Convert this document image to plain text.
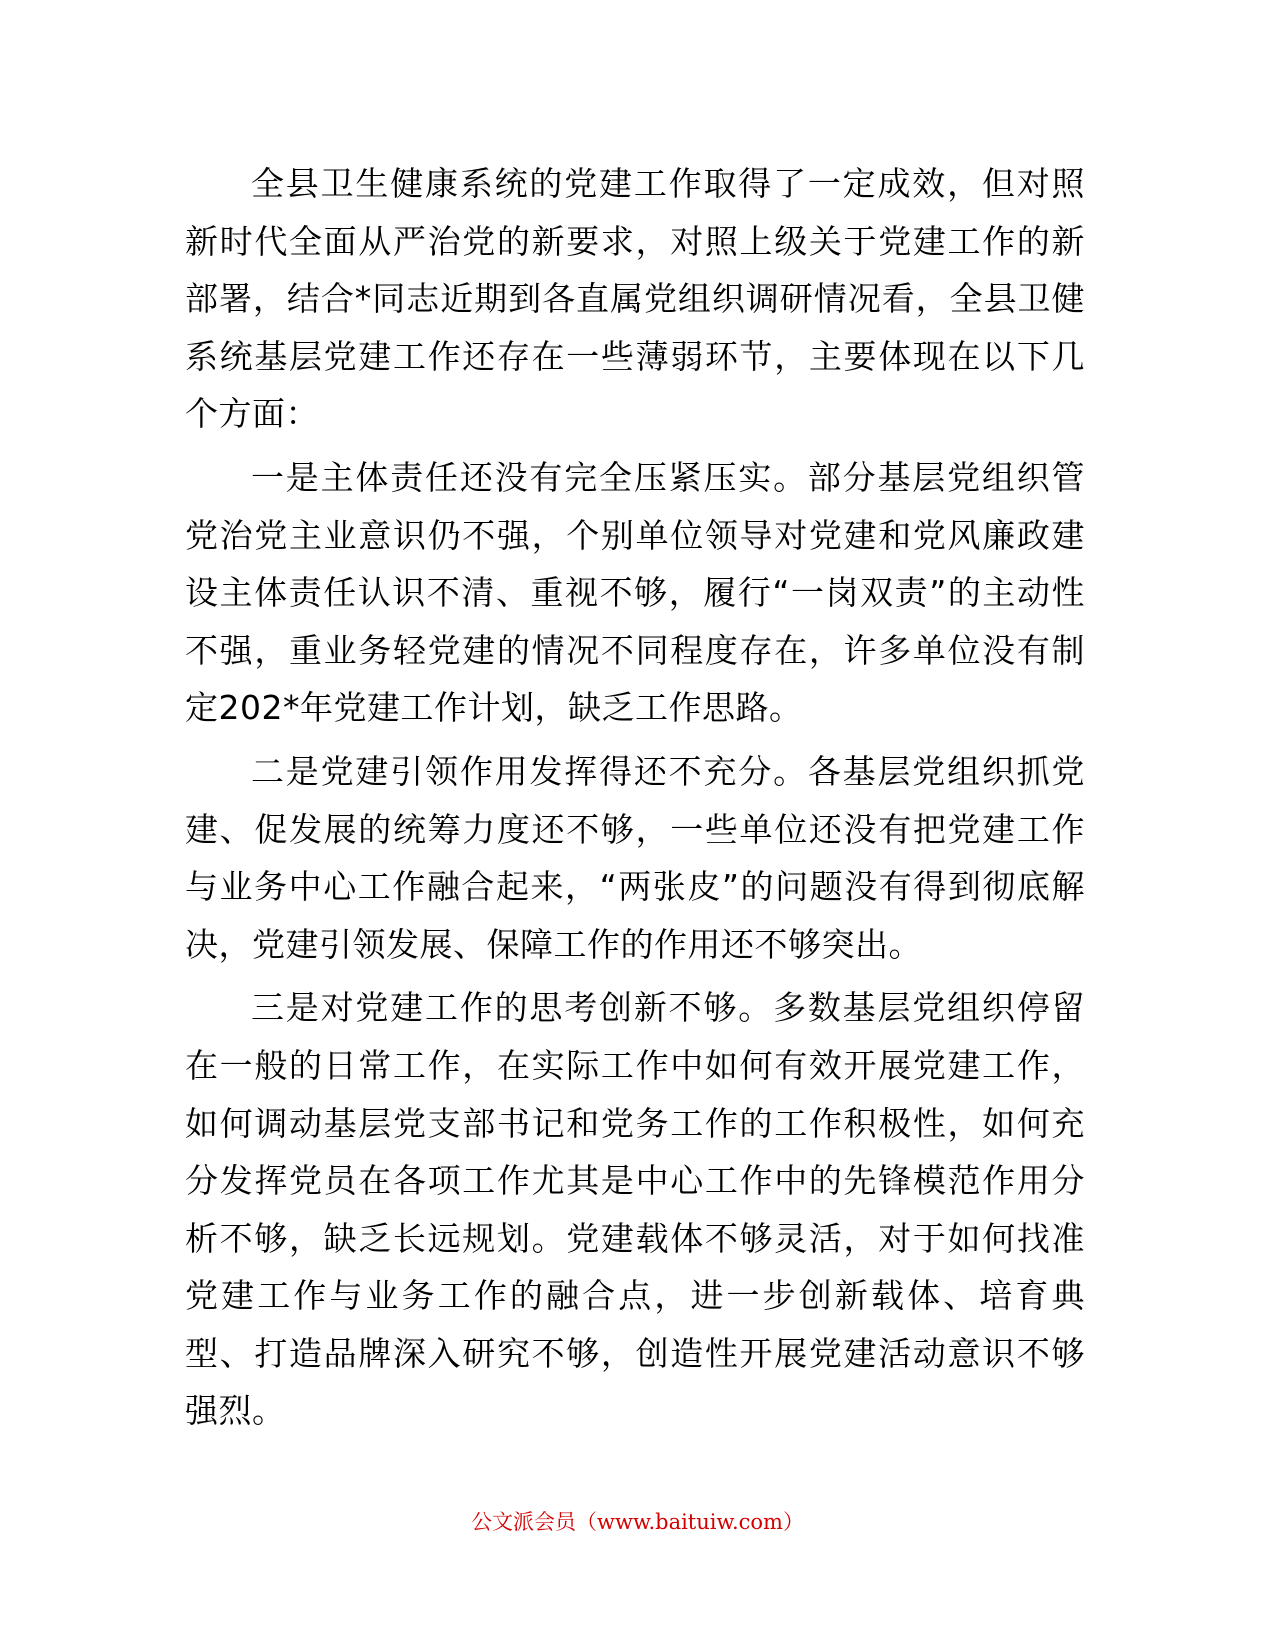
全县卫生健康系统的党建工作取得了一定成效，但对照新时代全面从严治党的新要求，对照上级关于党建工作的新部署，结合*同志近期到各直属党组织调研情况看，全县卫健系统基层党建工作还存在一些薄弱环节，主要体现在以下几个方面：

一是主体责任还没有完全压紧压实。部分基层党组织管党治党主业意识仍不强，个别单位领导对党建和党风廉政建设主体责任认识不清、重视不够，履行“一岗双责”的主动性不强，重业务轻党建的情况不同程度存在，许多单位没有制定202*年党建工作计划，缺乏工作思路。

二是党建引领作用发挥得还不充分。各基层党组织抓党建、促发展的统筹力度还不够，一些单位还没有把党建工作与业务中心工作融合起来，“两张皮”的问题没有得到彻底解决，党建引领发展、保障工作的作用还不够突出。

三是对党建工作的思考创新不够。多数基层党组织停留在一般的日常工作，在实际工作中如何有效开展党建工作，如何调动基层党支部书记和党务工作的工作积极性，如何充分发挥党员在各项工作尤其是中心工作中的先锋模范作用分析不够，缺乏长远规划。党建载体不够灵活，对于如何找准党建工作与业务工作的融合点，进一步创新载体、培育典型、打造品牌深入研究不够，创造性开展党建活动意识不够强烈。

公文派会员（www.baituiw.com）
